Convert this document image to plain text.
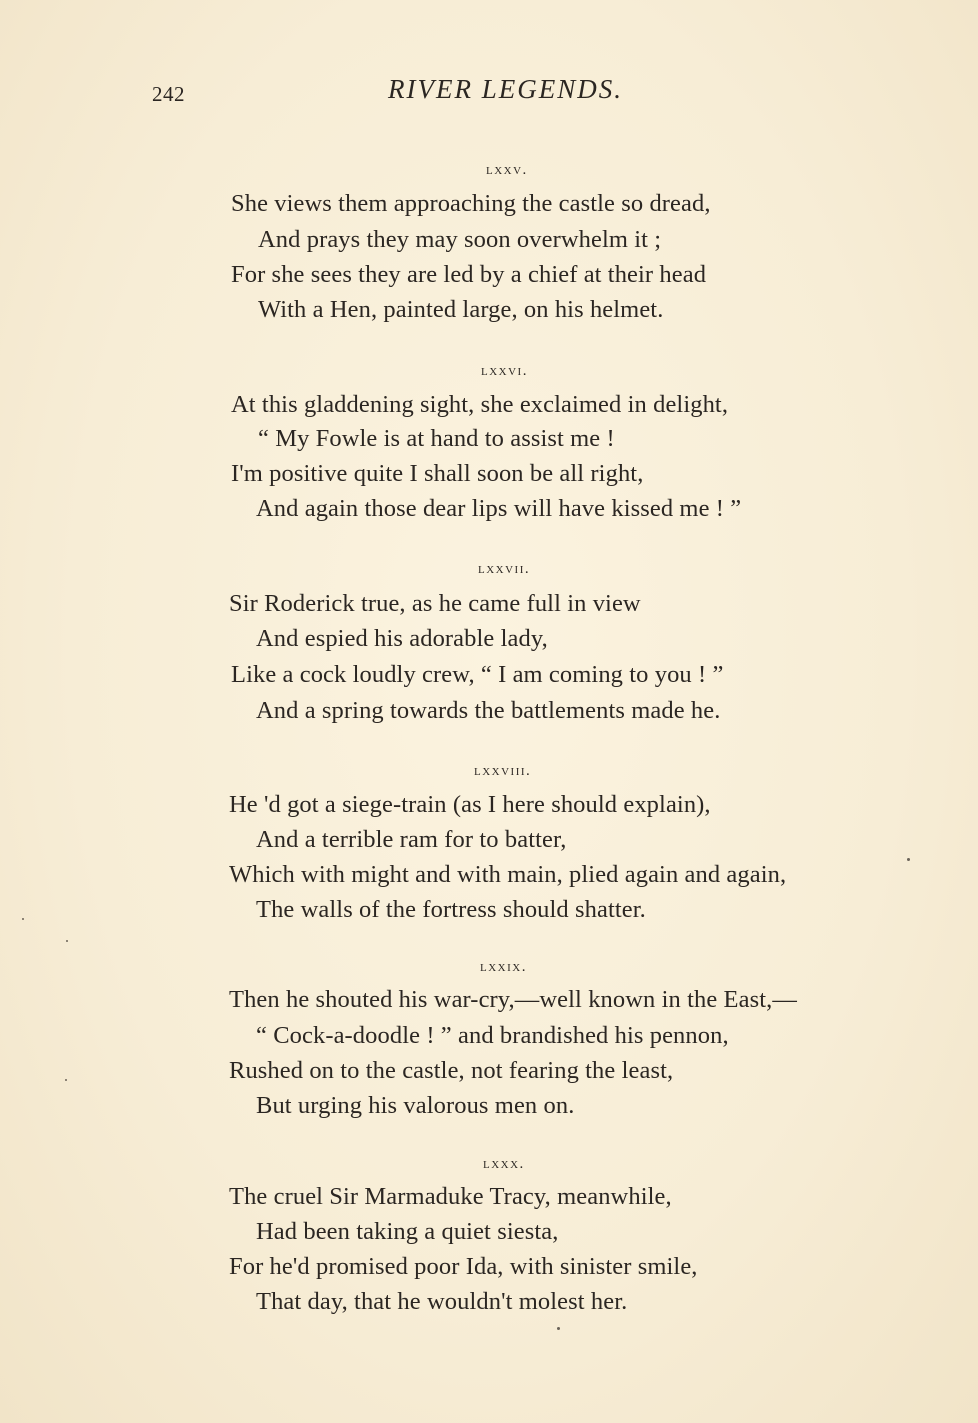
242	RIVER LEGENDS.
lxxv.
She views them approaching the castle so dread,
And prays they may soon overwhelm it ;
For she sees they are led by a chief at their head
With a Hen, painted large, on his helmet.
lxxvi.
At this gladdening sight, she exclaimed in delight,
“ My Fowle is at hand to assist me !
I'm positive quite I shall soon be all right,
And again those dear lips will have kissed me ! ”
lxxvii.
Sir Roderick true, as he came full in view
And espied his adorable lady,
Like a cock loudly crew, “ I am coming to you ! ”
And a spring towards the battlements made he.
lxxviii.
He 'd got a siege-train (as I here should explain),
And a terrible ram for to batter,
Which with might and with main, plied again and again,
The walls of the fortress should shatter.
lxxix.
Then he shouted his war-cry,—well known in the East,—
“ Cock-a-doodle ! ” and brandished his pennon,
Rushed on to the castle, not fearing the least,
But urging his valorous men on.
lxxx.
The cruel Sir Marmaduke Tracy, meanwhile,
Had been taking a quiet siesta,
For he'd promised poor Ida, with sinister smile,
That day, that he wouldn't molest her.
